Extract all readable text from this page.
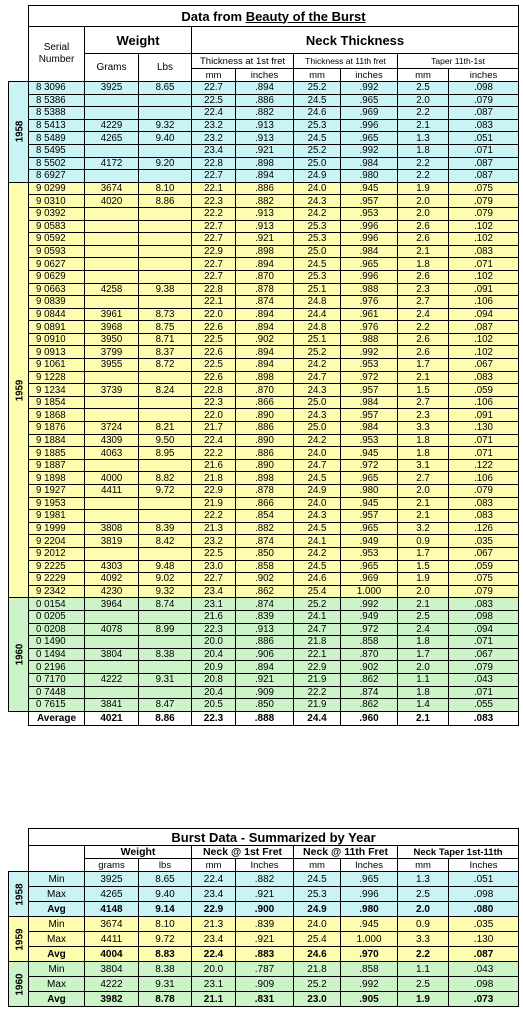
	Data from Beauty of the Burst								
	Serial
Number	Weight		Neck Thickness					
		Grams	Lbs	Thickness at 1st fret		Thickness at 11th fret		Taper 11th-1st	
				mm	inches	mm	inches	mm	inches
1958	8 3096	3925	8.65	22.7	.894	25.2	.992	2.5	.098
	8 5386			22.5	.886	24.5	.965	2.0	.079
	8 5388			22.4	.882	24.6	.969	2.2	.087
	8 5413	4229	9.32	23.2	.913	25.3	.996	2.1	.083
	8 5489	4265	9.40	23.2	.913	24.5	.965	1.3	.051
	8 5495			23.4	.921	25.2	.992	1.8	.071
	8 5502	4172	9.20	22.8	.898	25.0	.984	2.2	.087
	8 6927			22.7	.894	24.9	.980	2.2	.087
1959	9 0299	3674	8.10	22.1	.886	24.0	.945	1.9	.075
	9 0310	4020	8.86	22.3	.882	24.3	.957	2.0	.079
	9 0392			22.2	.913	24.2	.953	2.0	.079
	9 0583			22.7	.913	25.3	.996	2.6	.102
	9 0592			22.7	.921	25.3	.996	2.6	.102
	9 0593			22.9	.898	25.0	.984	2.1	.083
	9 0627			22.7	.894	24.5	.965	1.8	.071
	9 0629			22.7	.870	25.3	.996	2.6	.102
	9 0663	4258	9.38	22.8	.878	25.1	.988	2.3	.091
	9 0839			22.1	.874	24.8	.976	2.7	.106
	9 0844	3961	8.73	22.0	.894	24.4	.961	2.4	.094
	9 0891	3968	8.75	22.6	.894	24.8	.976	2.2	.087
	9 0910	3950	8.71	22.5	.902	25.1	.988	2.6	.102
	9 0913	3799	8.37	22.6	.894	25.2	.992	2.6	.102
	9 1061	3955	8.72	22.5	.894	24.2	.953	1.7	.067
	9 1228			22.6	.898	24.7	.972	2.1	.083
	9 1234	3739	8.24	22.8	.870	24.3	.957	1.5	.059
	9 1854			22.3	.866	25.0	.984	2.7	.106
	9 1868			22.0	.890	24.3	.957	2.3	.091
	9 1876	3724	8.21	21.7	.886	25.0	.984	3.3	.130
	9 1884	4309	9.50	22.4	.890	24.2	.953	1.8	.071
	9 1885	4063	8.95	22.2	.886	24.0	.945	1.8	.071
	9 1887			21.6	.890	24.7	.972	3.1	.122
	9 1898	4000	8.82	21.8	.898	24.5	.965	2.7	.106
	9 1927	4411	9.72	22.9	.878	24.9	.980	2.0	.079
	9 1953			21.9	.866	24.0	.945	2.1	.083
	9 1981			22.2	.854	24.3	.957	2.1	.083
	9 1999	3808	8.39	21.3	.882	24.5	.965	3.2	.126
	9 2204	3819	8.42	23.2	.874	24.1	.949	0.9	.035
	9 2012			22.5	.850	24.2	.953	1.7	.067
	9 2225	4303	9.48	23.0	.858	24.5	.965	1.5	.059
	9 2229	4092	9.02	22.7	.902	24.6	.969	1.9	.075
	9 2342	4230	9.32	23.4	.862	25.4	1.000	2.0	.079
1960	0 0154	3964	8.74	23.1	.874	25.2	.992	2.1	.083
	0 0205			21.6	.839	24.1	.949	2.5	.098
	0 0208	4078	8.99	22.3	.913	24.7	.972	2.4	.094
	0 1490			20.0	.886	21.8	.858	1.8	.071
	0 1494	3804	8.38	20.4	.906	22.1	.870	1.7	.067
	0 2196			20.9	.894	22.9	.902	2.0	.079
	0 7170	4222	9.31	20.8	.921	21.9	.862	1.1	.043
	0 7448			20.4	.909	22.2	.874	1.8	.071
	0 7615	3841	8.47	20.5	.850	21.9	.862	1.4	.055
	Average	4021	8.86	22.3	.888	24.4	.960	2.1	.083
	Burst Data - Summarized by Year								
		Weight		Neck @ 1st Fret		Neck @ 11th Fret		Neck Taper 1st-11th	
		grams	lbs	mm	Inches	mm	Inches	mm	Inches
1958	Min	3925	8.65	22.4	.882	24.5	.965	1.3	.051
	Max	4265	9.40	23.4	.921	25.3	.996	2.5	.098
	Avg	4148	9.14	22.9	.900	24.9	.980	2.0	.080
1959	Min	3674	8.10	21.3	.839	24.0	.945	0.9	.035
	Max	4411	9.72	23.4	.921	25.4	1.000	3.3	.130
	Avg	4004	8.83	22.4	.883	24.6	.970	2.2	.087
1960	Min	3804	8.38	20.0	.787	21.8	.858	1.1	.043
	Max	4222	9.31	23.1	.909	25.2	.992	2.5	.098
	Avg	3982	8.78	21.1	.831	23.0	.905	1.9	.073
